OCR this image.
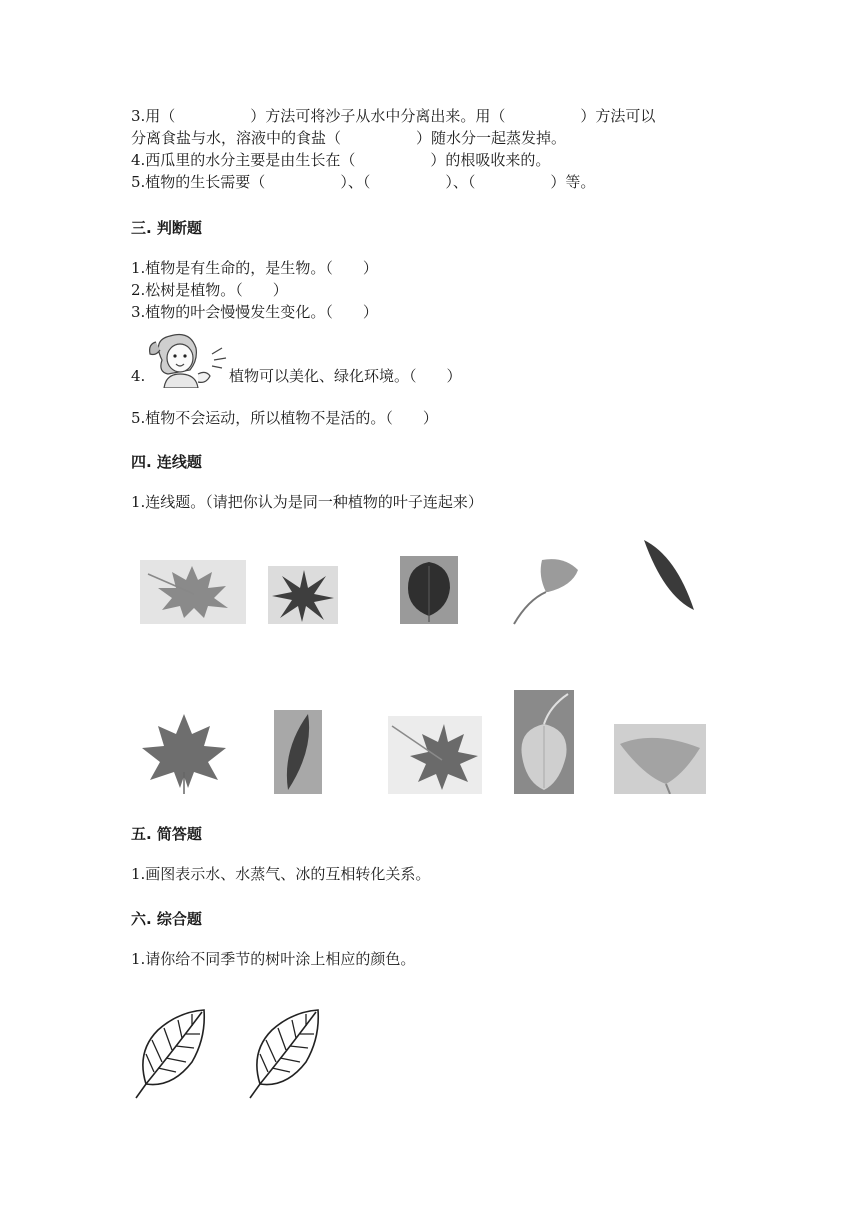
3.用（　　　　　）方法可将沙子从水中分离出来。用（　　　　　）方法可以
分离食盐与水，溶液中的食盐（　　　　　）随水分一起蒸发掉。
4.西瓜里的水分主要是由生长在（　　　　　）的根吸收来的。
5.植物的生长需要（　　　　　）、（　　　　　）、（　　　　　）等。
三. 判断题
1.植物是有生命的，是生物。（　　）
2.松树是植物。（　　）
3.植物的叶会慢慢发生变化。（　　）
4.	植物可以美化、绿化环境。（　　）
5.植物不会运动，所以植物不是活的。（　　）
四. 连线题
1.连线题。（请把你认为是同一种植物的叶子连起来）
五. 简答题
1.画图表示水、水蒸气、冰的互相转化关系。
六. 综合题
1.请你给不同季节的树叶涂上相应的颜色。
